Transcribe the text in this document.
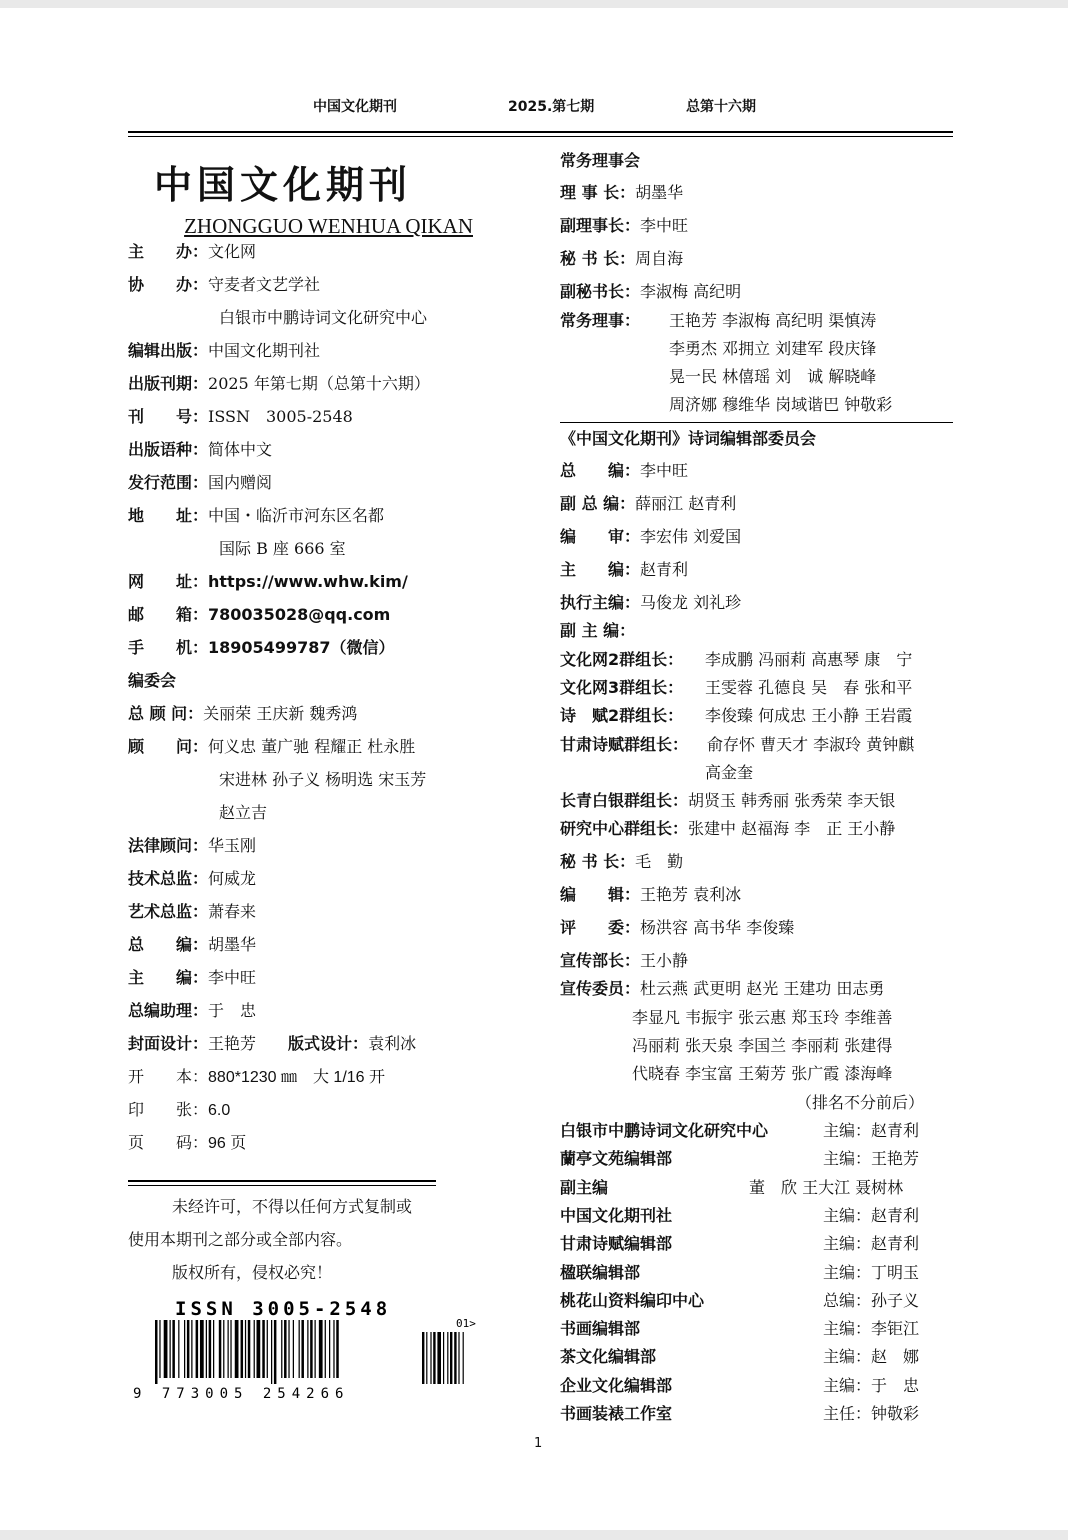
中国文化期刊	2025.第七期	总第十六期
中国文化期刊
ZHONGGUO WENHUA QIKAN
主　　办：文化网
协　　办：守麦者文艺学社
白银市中鹏诗词文化研究中心
编辑出版：中国文化期刊社
出版刊期：2025 年第七期（总第十六期）
刊　　号：ISSN　3005-2548
出版语种：简体中文
发行范围：国内赠阅
地　　址：中国・临沂市河东区名都
国际 B 座 666 室
网　　址：https://www.whw.kim/
邮　　箱：780035028@qq.com
手　　机：18905499787（微信）
编委会
总 顾 问：关丽荣 王庆新 魏秀鸿
顾　　问：何义忠 董广驰 程耀正 杜永胜
宋进林 孙子义 杨明选 宋玉芳
赵立吉
法律顾问：华玉刚
技术总监：何威龙
艺术总监：萧春来
总　　编：胡墨华
主　　编：李中旺
总编助理：于　忠
封面设计：王艳芳　　 版式设计：袁利冰
开　　本：880*1230 ㎜　大 1/16 开
印　　张：6.0
页　　码：96 页
未经许可，不得以任何方式复制或
使用本期刊之部分或全部内容。
版权所有，侵权必究！
ISSN 3005-2548
01>
9 773005 254266
常务理事会
理 事 长：胡墨华
副理事长：李中旺
秘 书 长：周自海
副秘书长：李淑梅 高纪明
常务理事： 王艳芳 李淑梅 高纪明 渠慎涛
李勇杰 邓拥立 刘建军 段庆锋
晃一民 林僖瑶 刘　诚 解晓峰
周济娜 穆维华 岗域谐巴 钟敬彩
《中国文化期刊》诗词编辑部委员会
总　　编：李中旺
副 总 编：薛丽江 赵青利
编　　审：李宏伟 刘爱国
主　　编：赵青利
执行主编：马俊龙 刘礼珍
副 主 编：
文化网2群组长： 李成鹏 冯丽莉 高惠琴 康　宁
文化网3群组长： 王雯蓉 孔德良 吴　春 张和平
诗　赋2群组长： 李俊臻 何成忠 王小静 王岩霞
甘肃诗赋群组长： 俞存怀 曹天才 李淑玲 黄钟麒
高金奎
长青白银群组长：胡贤玉 韩秀丽 张秀荣 李天银
研究中心群组长：张建中 赵福海 李　正 王小静
秘 书 长：毛　勤
编　　辑：王艳芳 袁利冰
评　　委：杨洪容 高书华 李俊臻
宣传部长：王小静
宣传委员：杜云燕 武更明 赵光 王建功 田志勇
李显凡 韦振宇 张云惠 郑玉玲 李维善
冯丽莉 张天泉 李国兰 李丽莉 张建得
代晓春 李宝富 王菊芳 张广霞 漆海峰
（排名不分前后）
白银市中鹏诗词文化研究中心	主编：赵青利
蘭亭文苑编辑部	主编：王艳芳
副主编	董　欣 王大江 聂树林
中国文化期刊社	主编：赵青利
甘肃诗赋编辑部	主编：赵青利
楹联编辑部	主编：丁明玉
桃花山资料编印中心	总编：孙子义
书画编辑部	主编：李钜江
茶文化编辑部	主编：赵　娜
企业文化编辑部	主编：于　忠
书画装裱工作室	主任：钟敬彩
1
